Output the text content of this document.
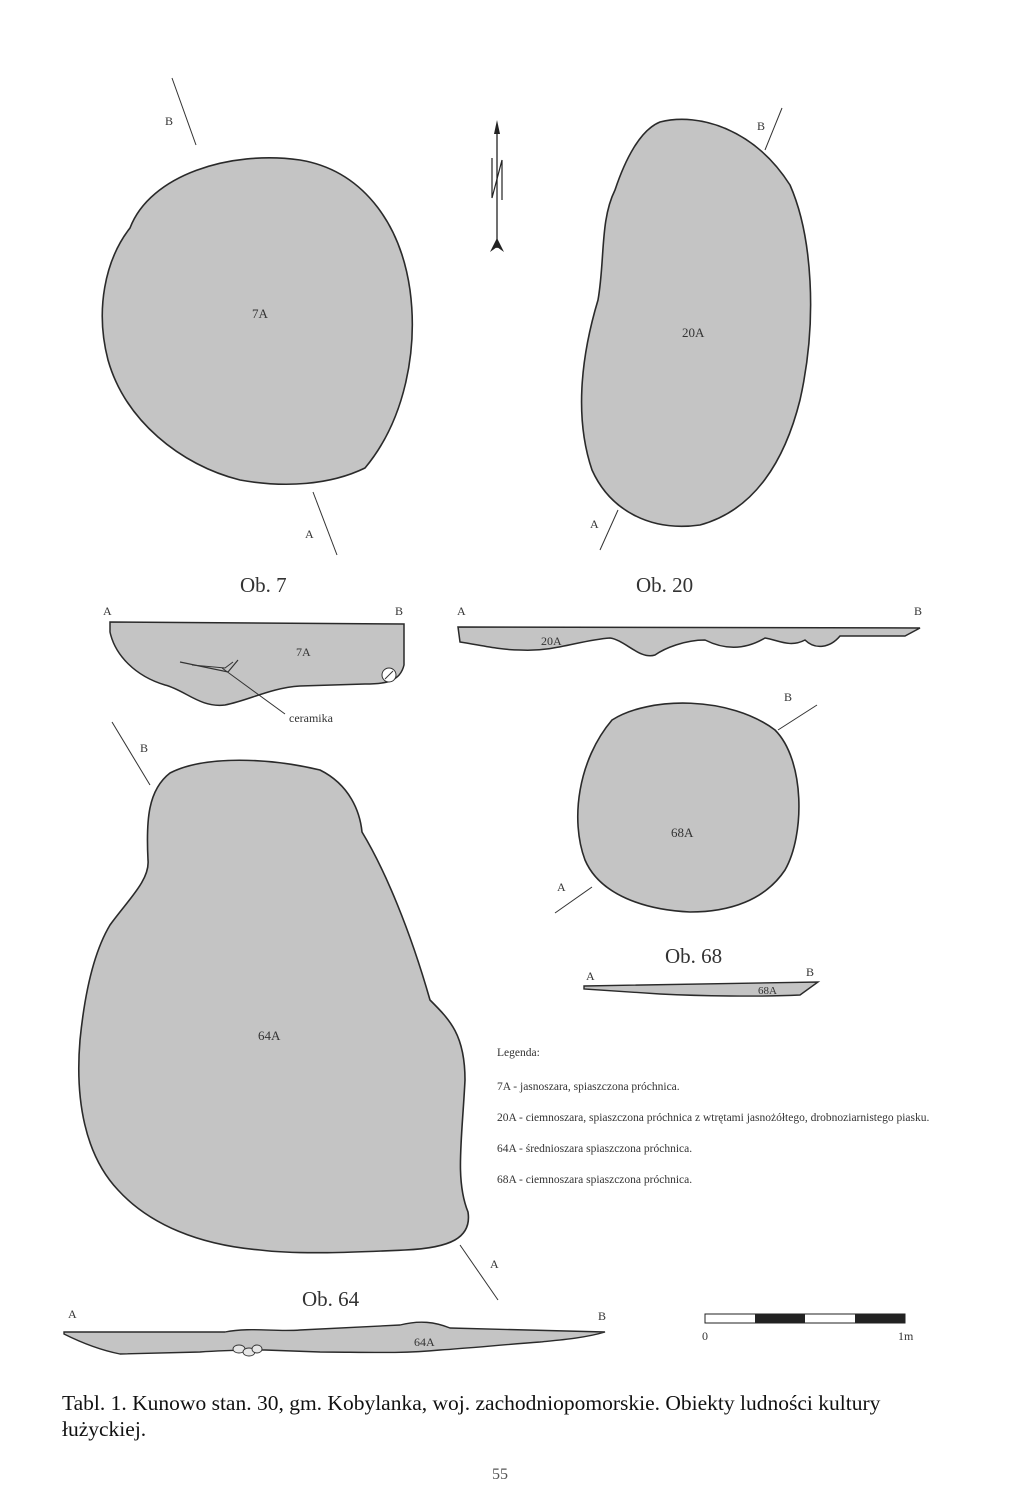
B
A
7A
Ob. 7
B
A
20A
Ob. 20
A	B
7A
ceramika
A	B
20A
B
A
64A
Ob. 64
B
A
68A
Ob. 68
A	B
68A
A	B
64A	0	1m

Legenda:

7A - jasnoszara, spiaszczona próchnica.

20A - ciemnoszara, spiaszczona próchnica z wtrętami jasnożółtego, drobnoziarnistego piasku.

64A - średnioszara spiaszczona próchnica.

68A - ciemnoszara spiaszczona próchnica.

Tabl. 1. Kunowo stan. 30, gm. Kobylanka, woj. zachodniopomorskie. Obiekty ludności kultury łużyckiej.
55
